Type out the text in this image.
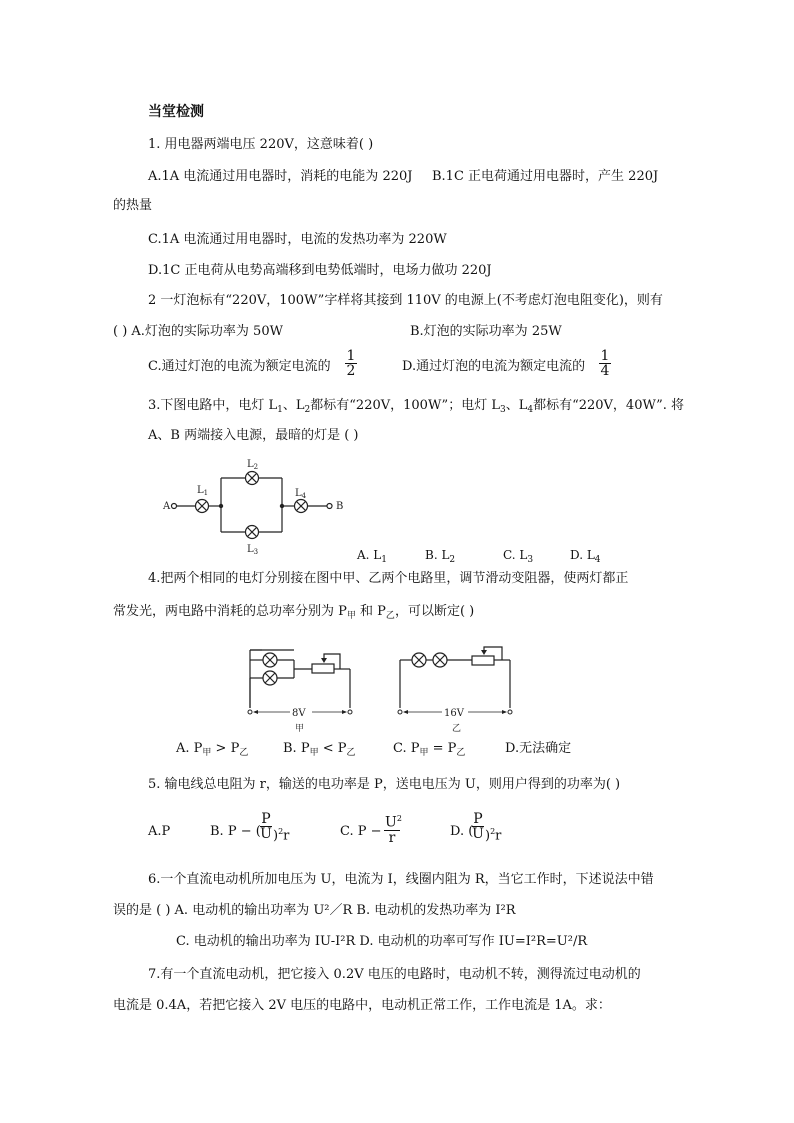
当堂检测
1. 用电器两端电压 220V，这意味着( )
A.1A 电流通过用电器时，消耗的电能为 220J B.1C 正电荷通过用电器时，产生 220J
的热量
C.1A 电流通过用电器时，电流的发热功率为 220W
D.1C 正电荷从电势高端移到电势低端时，电场力做功 220J
2 一灯泡标有“220V，100W”字样将其接到 110V 的电源上(不考虑灯泡电阻变化)，则有
( ) A.灯泡的实际功率为 50W	B.灯泡的实际功率为 25W
C.通过灯泡的电流为额定电流的 $\frac{1}{2}$	D.通过灯泡的电流为额定电流的 $\frac{1}{4}$
3.下图电路中，电灯 $L_1$、$L_2$都标有“220V，100W”；电灯 $L_3$、$L_4$都标有“220V，40W”. 将
A、B 两端接入电源，最暗的灯是 ( )
A	B
$L_1$
$L_2$
$L_3$
$L_4$
A. $L_1$	B. $L_2$	C. $L_3$	D. $L_4$
4.把两个相同的电灯分别接在图中甲、乙两个电路里，调节滑动变阻器，使两灯都正
常发光，两电路中消耗的总功率分别为 $P_甲$ 和 $P_乙$，可以断定( )
8V
甲
16V
乙
A. $P_甲 > P_乙$	B. $P_甲 < P_乙$	C. $P_甲 = P_乙$	D.无法确定
5. 输电线总电阻为 r，输送的电功率是 P，送电电压为 U，则用户得到的功率为( )
A.P	B. P − ( $\frac{P}{U} )^2r$	C. $P - \frac{U^2}{r}$	D. (
$\frac{P}{U} )^2r$
6.一个直流电动机所加电压为 U，电流为 I，线圈内阻为 R，当它工作时，下述说法中错
误的是 ( ) A. 电动机的输出功率为 U²／R B. 电动机的发热功率为 I²R
C. 电动机的输出功率为 IU-I²R D. 电动机的功率可写作 IU=I²R=U²/R
7.有一个直流电动机，把它接入 0.2V 电压的电路时，电动机不转，测得流过电动机的
电流是 0.4A，若把它接入 2V 电压的电路中，电动机正常工作，工作电流是 1A。求：
